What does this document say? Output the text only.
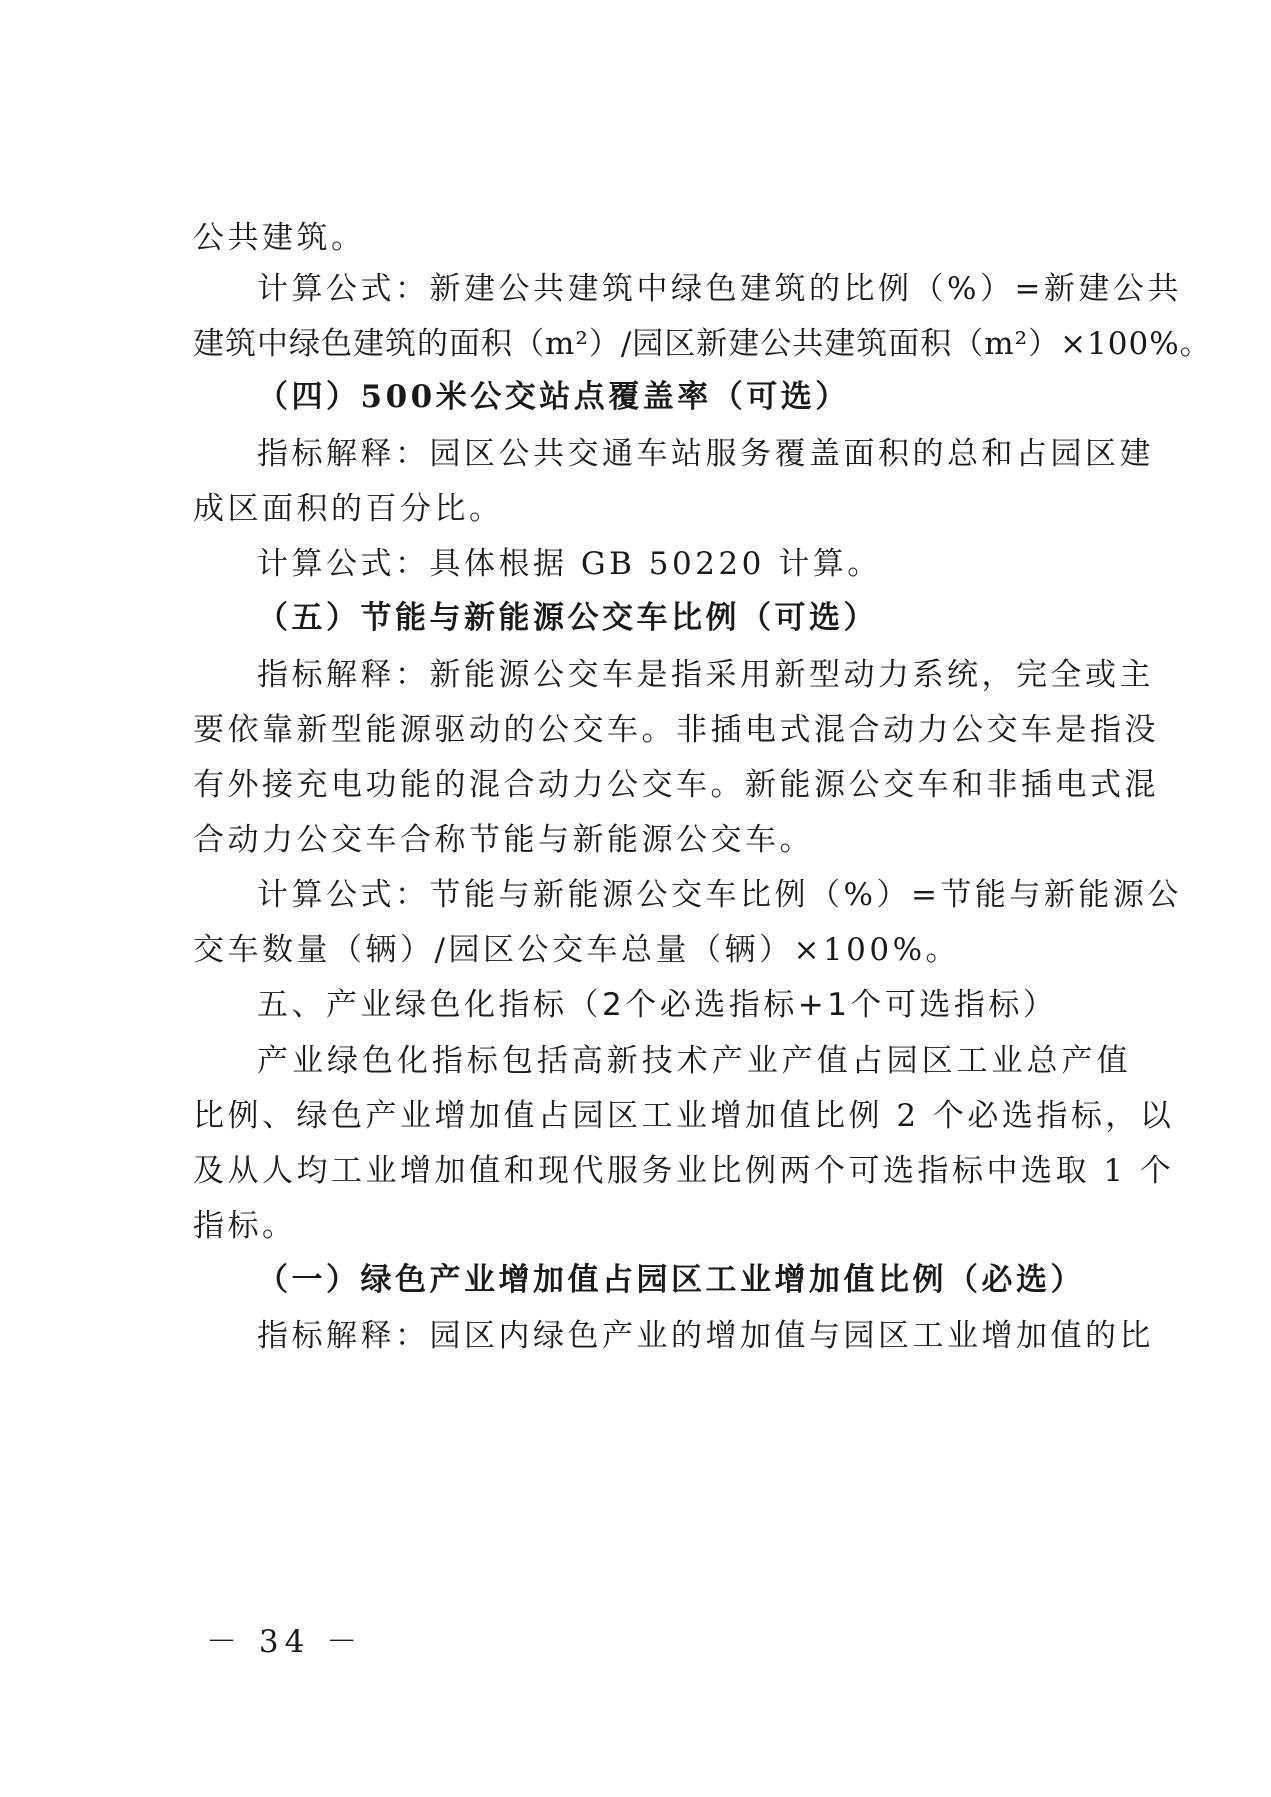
公共建筑。
计算公式：新建公共建筑中绿色建筑的比例（%）=新建公共
建筑中绿色建筑的面积（m²）/园区新建公共建筑面积（m²）×100%。
（四）500米公交站点覆盖率（可选）
指标解释：园区公共交通车站服务覆盖面积的总和占园区建
成区面积的百分比。
计算公式：具体根据 GB 50220 计算。
（五）节能与新能源公交车比例（可选）
指标解释：新能源公交车是指采用新型动力系统，完全或主
要依靠新型能源驱动的公交车。非插电式混合动力公交车是指没
有外接充电功能的混合动力公交车。新能源公交车和非插电式混
合动力公交车合称节能与新能源公交车。
计算公式：节能与新能源公交车比例（%）=节能与新能源公
交车数量（辆）/园区公交车总量（辆）×100%。
五、产业绿色化指标（2个必选指标+1个可选指标）
产业绿色化指标包括高新技术产业产值占园区工业总产值
比例、绿色产业增加值占园区工业增加值比例 2 个必选指标，以
及从人均工业增加值和现代服务业比例两个可选指标中选取 1 个
指标。
（一）绿色产业增加值占园区工业增加值比例（必选）
指标解释：园区内绿色产业的增加值与园区工业增加值的比
－ 34 －
